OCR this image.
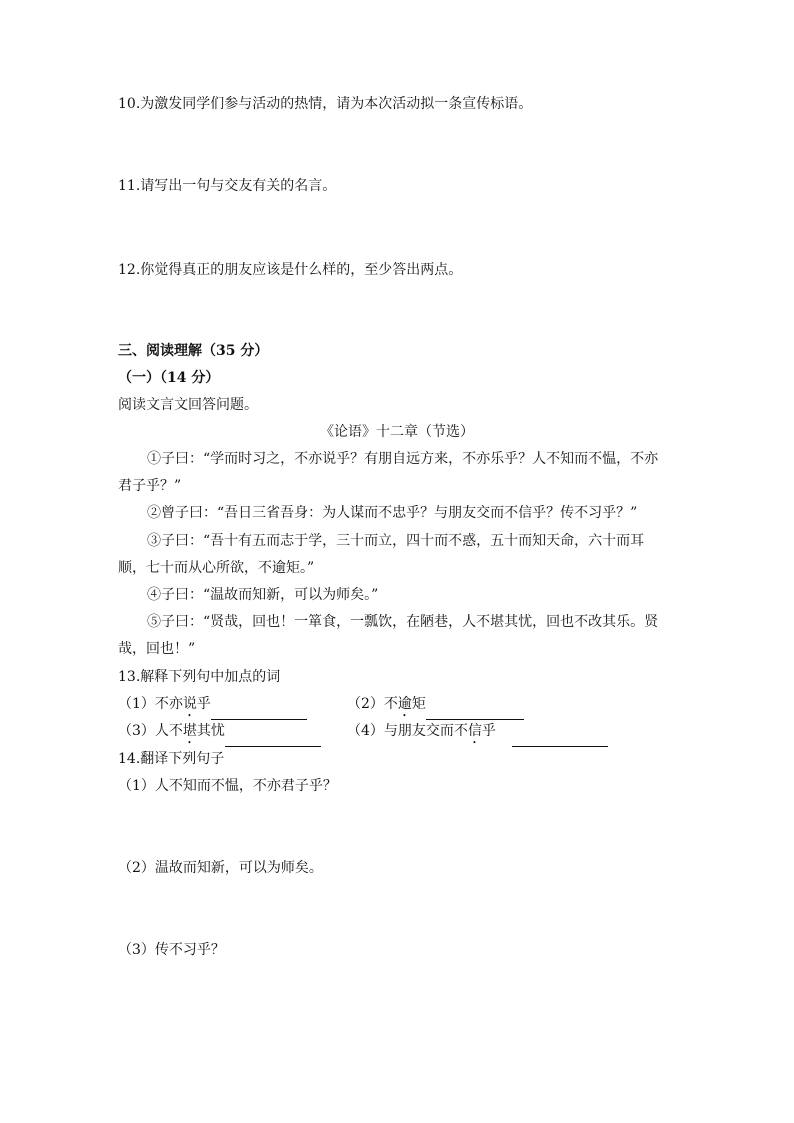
10.为激发同学们参与活动的热情，请为本次活动拟一条宣传标语。
11.请写出一句与交友有关的名言。
12.你觉得真正的朋友应该是什么样的，至少答出两点。
三、阅读理解（35 分）
（一）（14 分）
阅读文言文回答问题。
《论语》十二章（节选）
①子曰：“学而时习之，不亦说乎？有朋自远方来，不亦乐乎？人不知而不愠，不亦
君子乎？”
②曾子曰：“吾日三省吾身：为人谋而不忠乎？与朋友交而不信乎？传不习乎？”
③子曰：“吾十有五而志于学，三十而立，四十而不惑，五十而知天命，六十而耳
顺，七十而从心所欲，不逾矩。”
④子曰：“温故而知新，可以为师矣。”
⑤子曰：“贤哉，回也！一箪食，一瓢饮，在陋巷，人不堪其忧，回也不改其乐。贤
哉，回也！”
13.解释下列句中加点的词
（1）不亦说乎	（2）不逾矩
（3）人不堪其忧	（4）与朋友交而不信乎
14.翻译下列句子
（1）人不知而不愠，不亦君子乎？
（2）温故而知新，可以为师矣。
（3）传不习乎？
